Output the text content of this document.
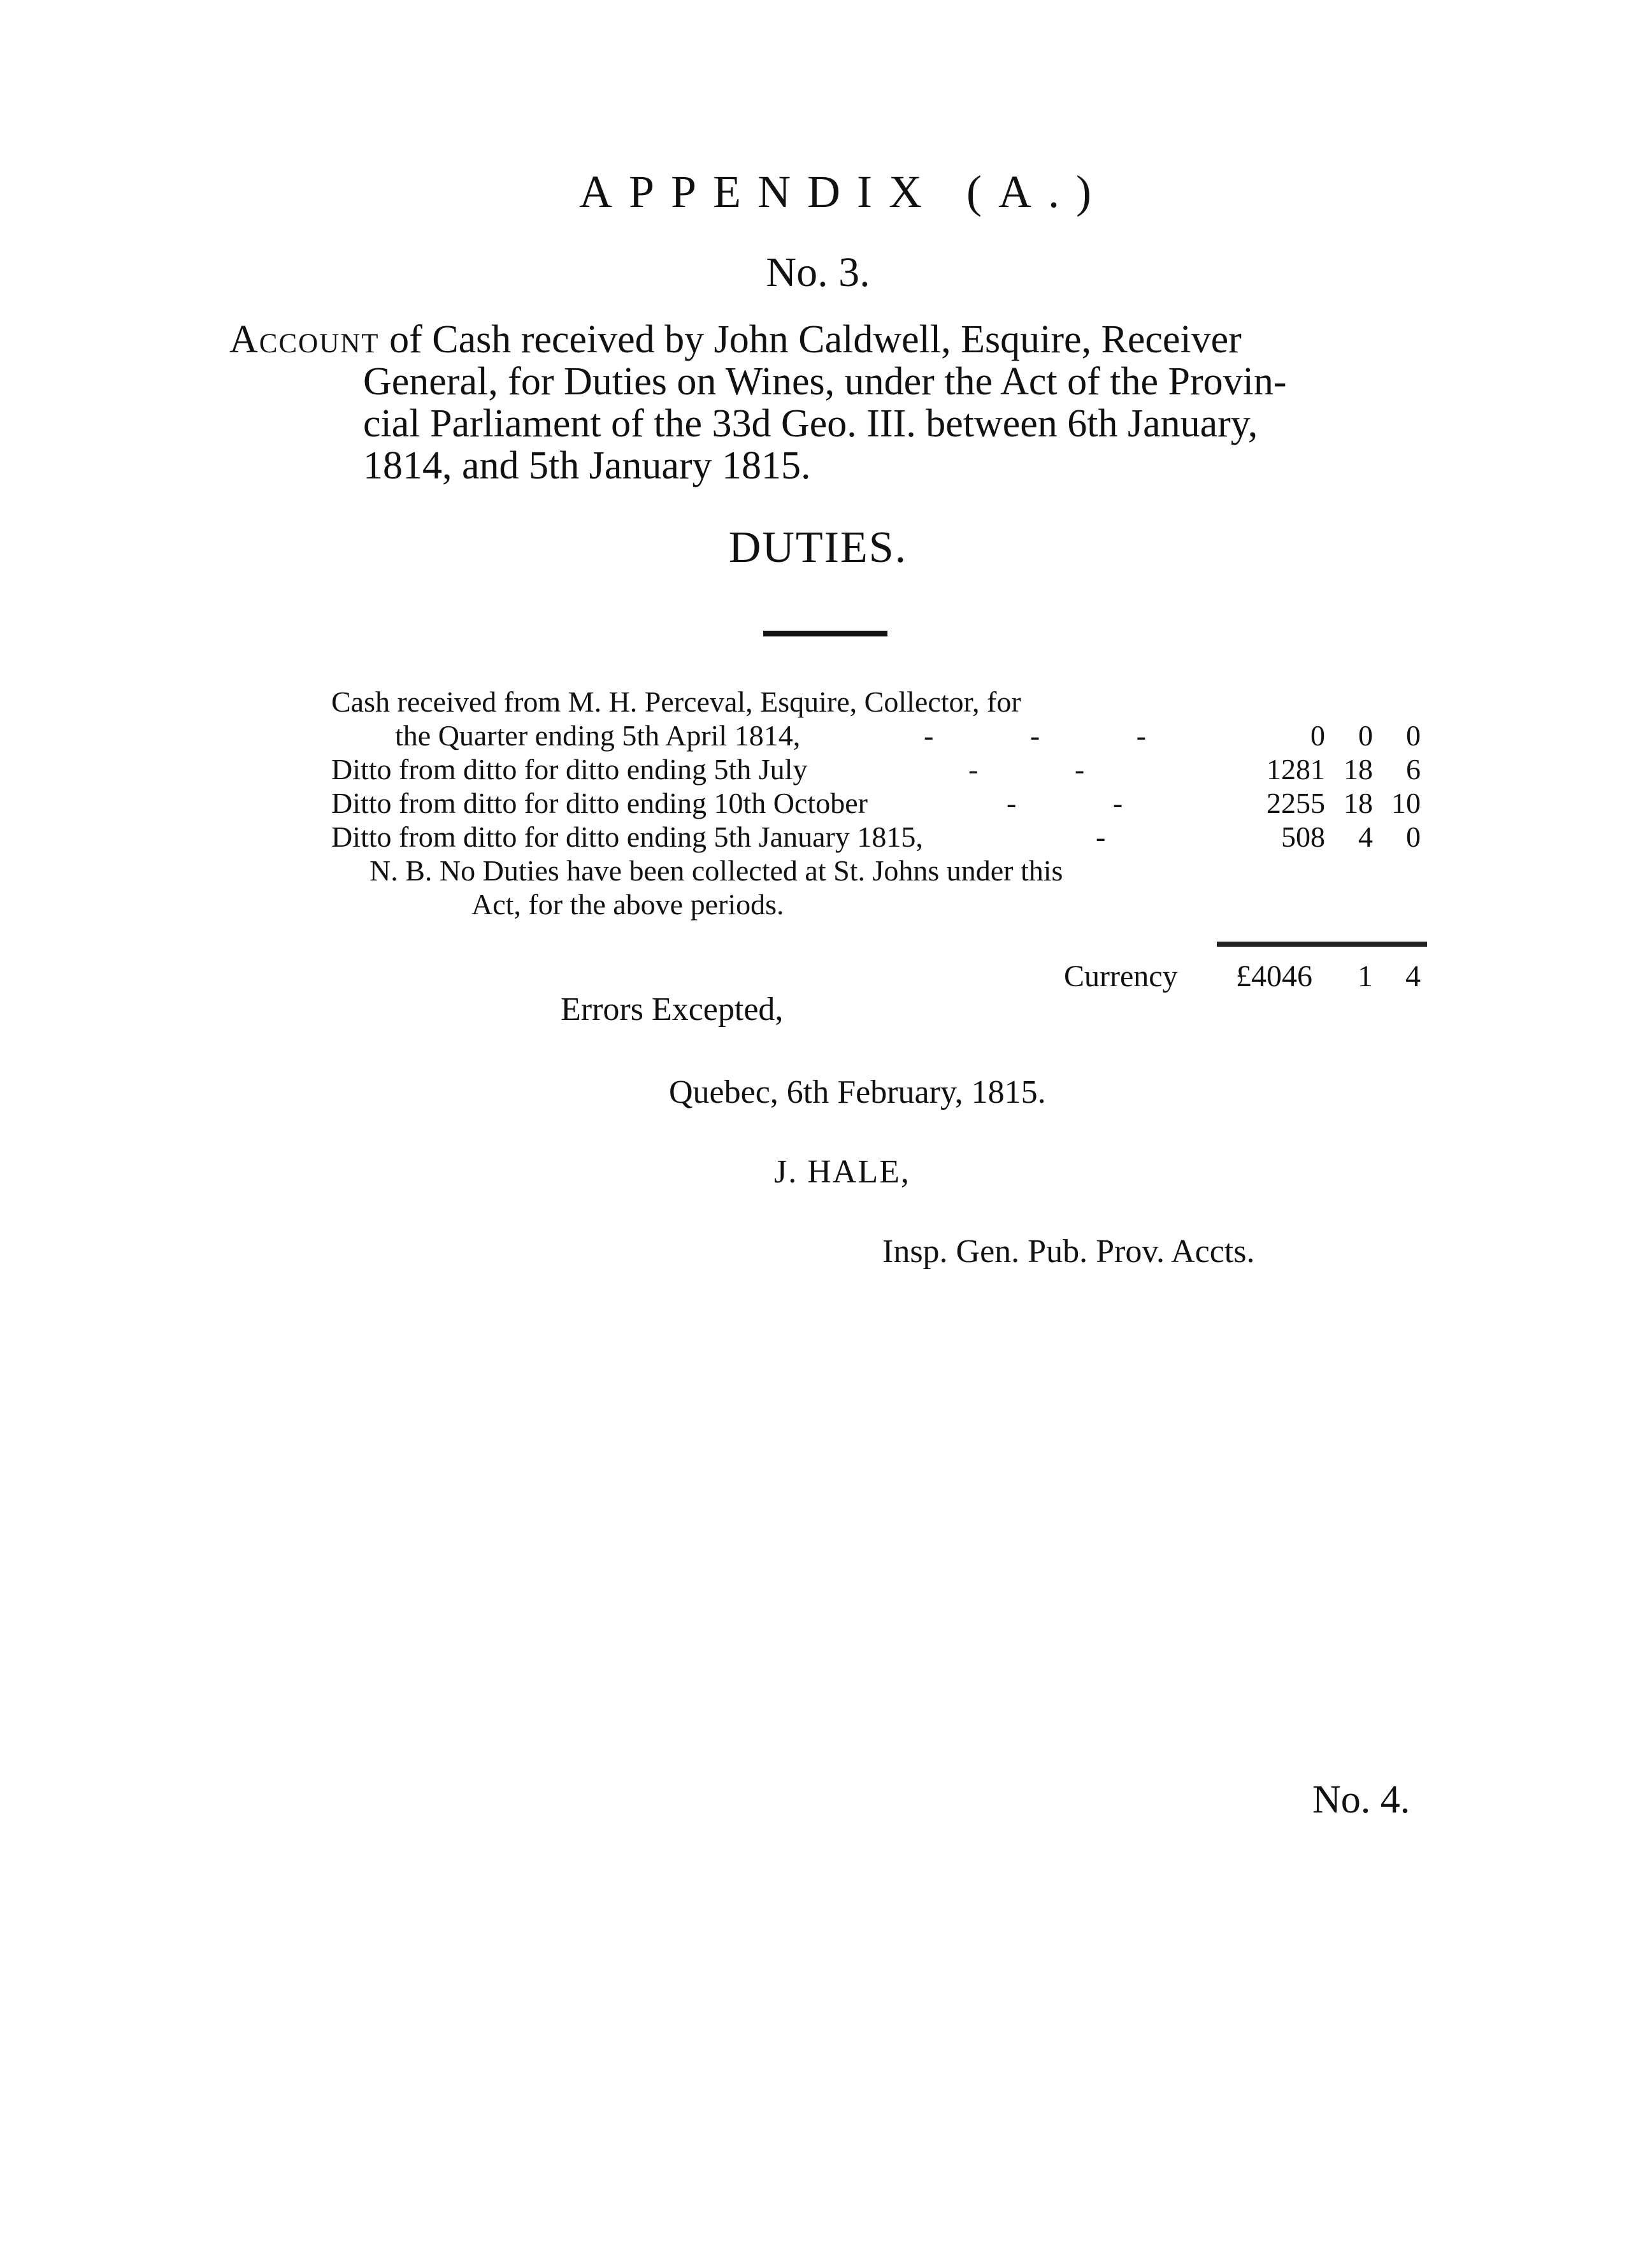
APPENDIX (A.)
No. 3.
Account of Cash received by John Caldwell, Esquire, Receiver
General, for Duties on Wines, under the Act of the Provin-
cial Parliament of the 33d Geo. III. between 6th January,
1814, and 5th January 1815.
DUTIES.
Cash received from M. H. Perceval, Esquire, Collector, for
the Quarter ending 5th April 1814,	- - -	0	0	0
Ditto from ditto for ditto ending 5th July	- -	1281 18	6
Ditto from ditto for ditto ending 10th October	- -	2255 18 10
Ditto from ditto for ditto ending 5th January 1815,	-	508	4	0
N. B. No Duties have been collected at St. Johns under this
Act, for the above periods.
Currency	£4046	1	4
Errors Excepted,
Quebec, 6th February, 1815.
J. HALE,
Insp. Gen. Pub. Prov. Accts.
No. 4.
